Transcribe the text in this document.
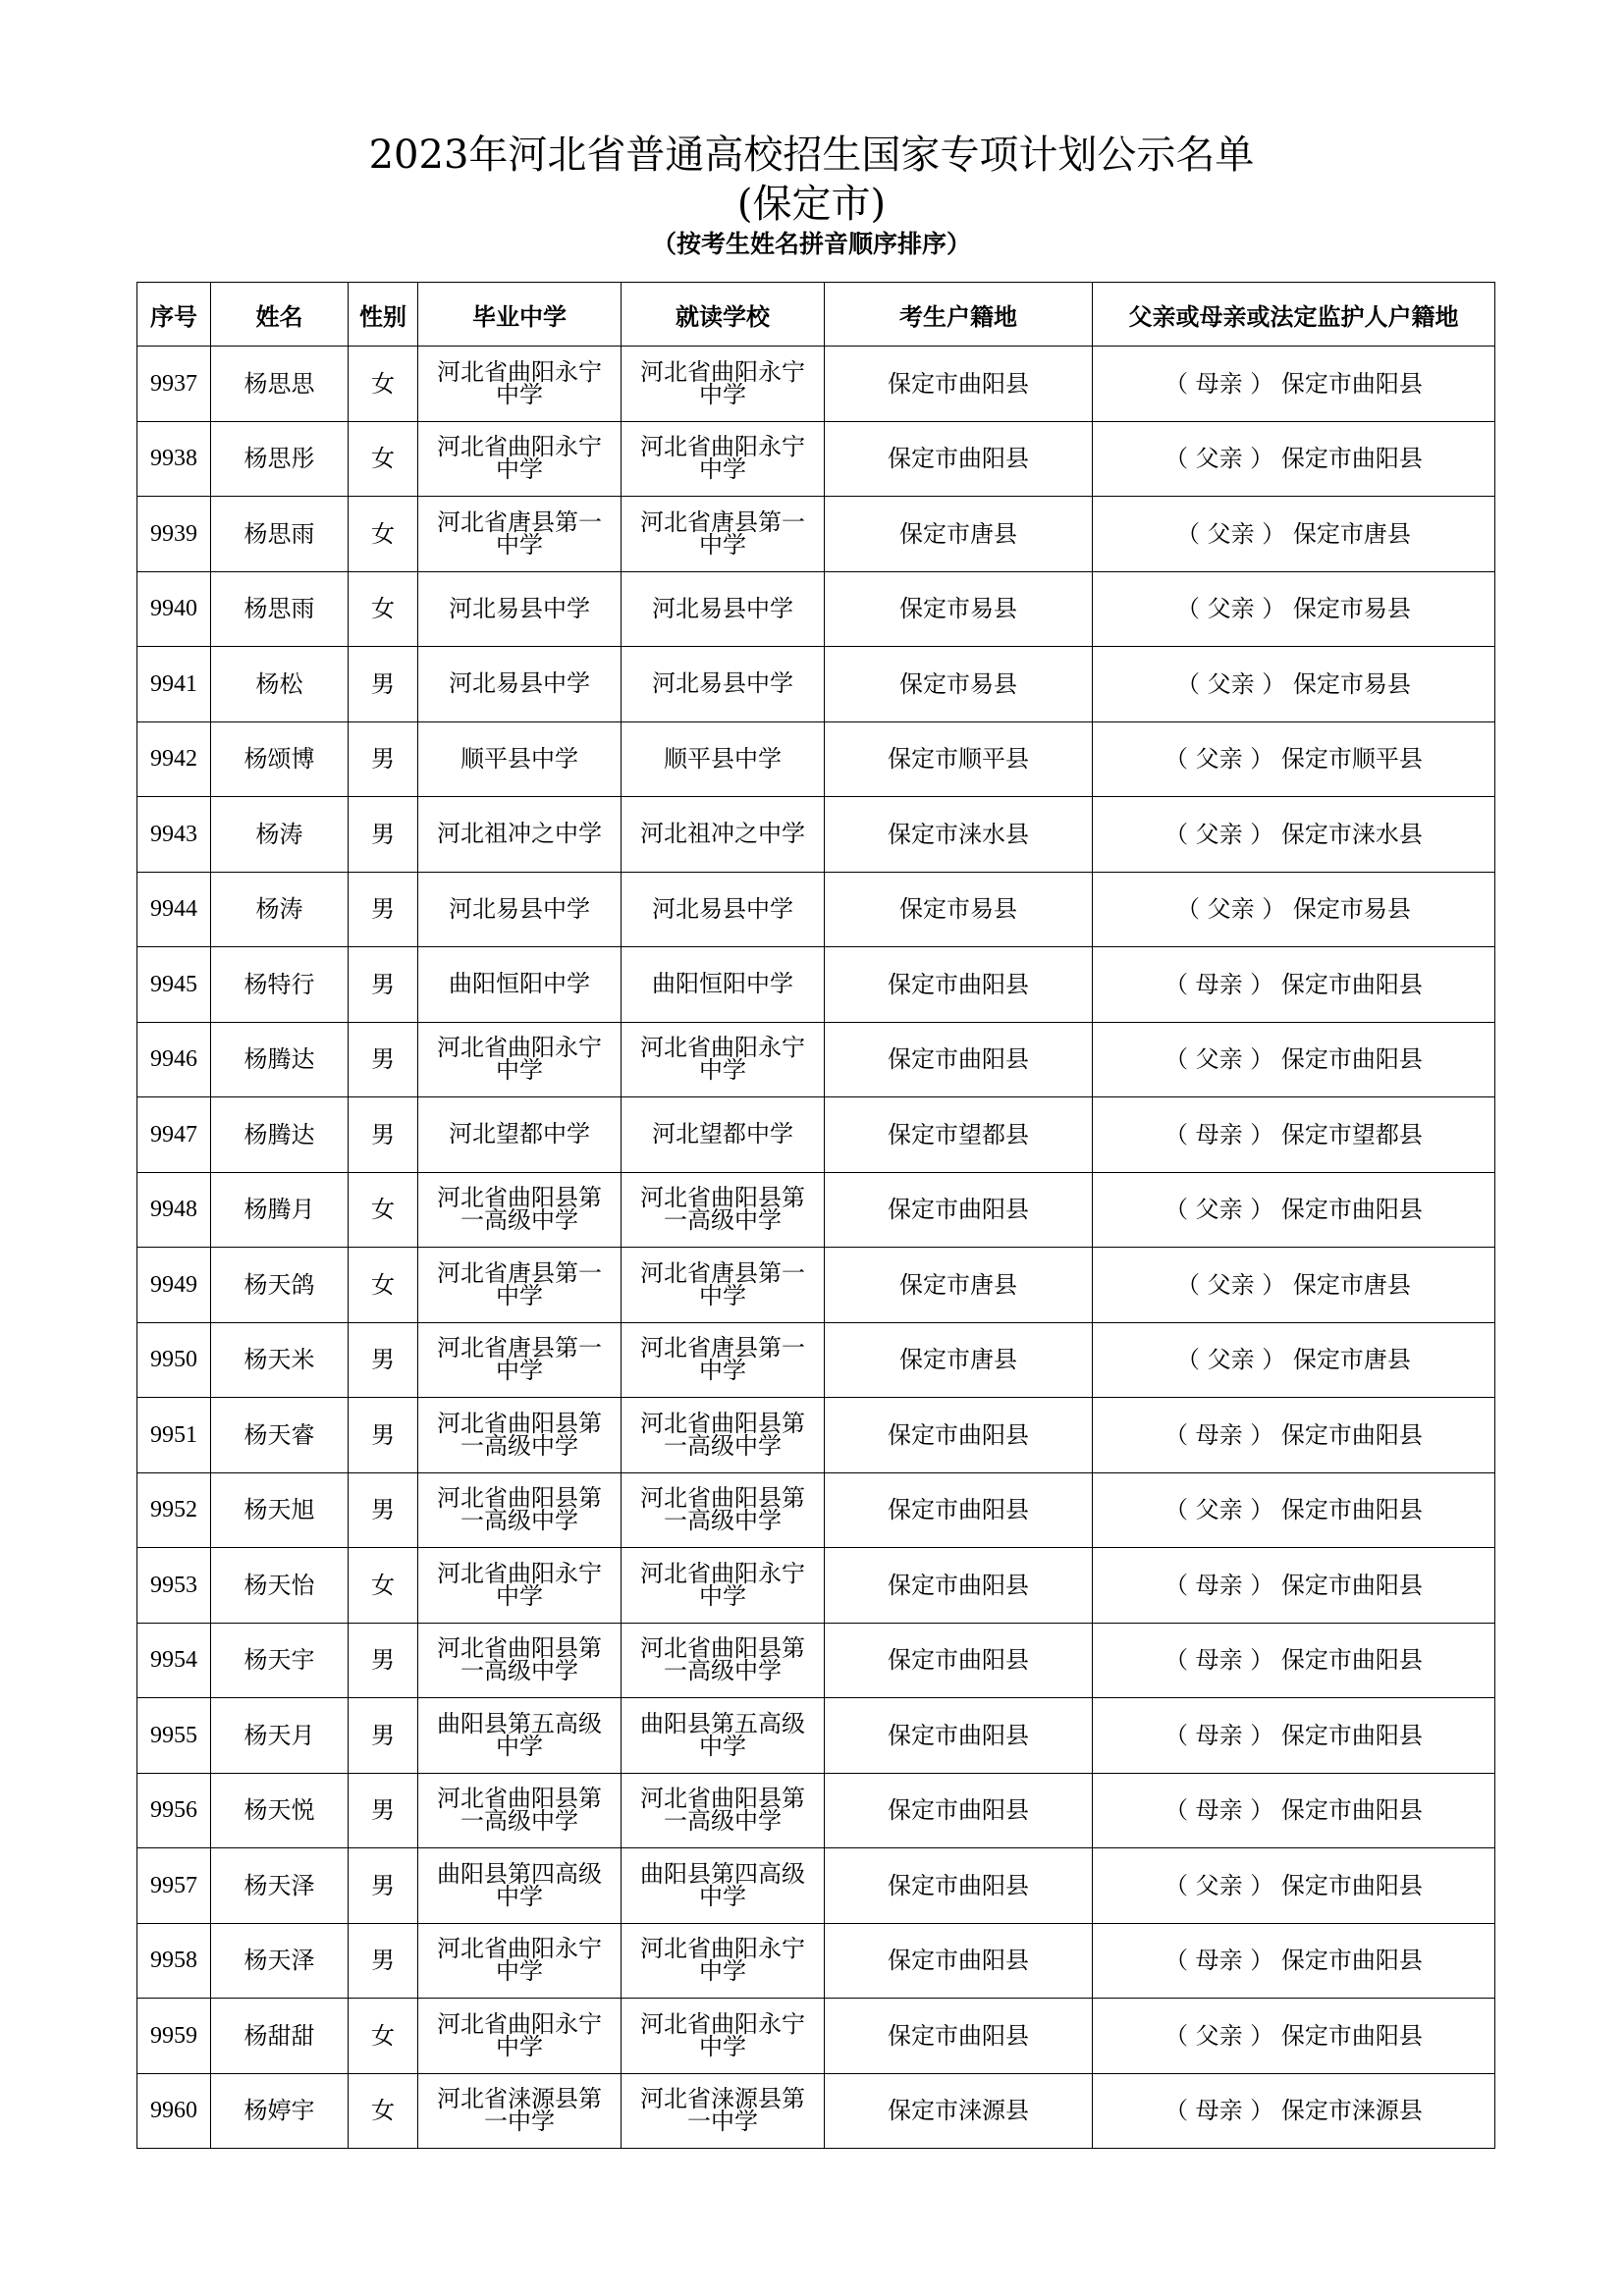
2023年河北省普通高校招生国家专项计划公示名单
(保定市)
（按考生姓名拼音顺序排序）
序号	姓名	性别	毕业中学	就读学校	考生户籍地	父亲或母亲或法定监护人户籍地
9937	杨思思	女	河北省曲阳永宁中学	河北省曲阳永宁中学	保定市曲阳县	（ 母亲 ） 保定市曲阳县
9938	杨思彤	女	河北省曲阳永宁中学	河北省曲阳永宁中学	保定市曲阳县	（ 父亲 ） 保定市曲阳县
9939	杨思雨	女	河北省唐县第一中学	河北省唐县第一中学	保定市唐县	（ 父亲 ） 保定市唐县
9940	杨思雨	女	河北易县中学	河北易县中学	保定市易县	（ 父亲 ） 保定市易县
9941	杨松	男	河北易县中学	河北易县中学	保定市易县	（ 父亲 ） 保定市易县
9942	杨颂博	男	顺平县中学	顺平县中学	保定市顺平县	（ 父亲 ） 保定市顺平县
9943	杨涛	男	河北祖冲之中学	河北祖冲之中学	保定市涞水县	（ 父亲 ） 保定市涞水县
9944	杨涛	男	河北易县中学	河北易县中学	保定市易县	（ 父亲 ） 保定市易县
9945	杨特行	男	曲阳恒阳中学	曲阳恒阳中学	保定市曲阳县	（ 母亲 ） 保定市曲阳县
9946	杨腾达	男	河北省曲阳永宁中学	河北省曲阳永宁中学	保定市曲阳县	（ 父亲 ） 保定市曲阳县
9947	杨腾达	男	河北望都中学	河北望都中学	保定市望都县	（ 母亲 ） 保定市望都县
9948	杨腾月	女	河北省曲阳县第一高级中学	河北省曲阳县第一高级中学	保定市曲阳县	（ 父亲 ） 保定市曲阳县
9949	杨天鸽	女	河北省唐县第一中学	河北省唐县第一中学	保定市唐县	（ 父亲 ） 保定市唐县
9950	杨天米	男	河北省唐县第一中学	河北省唐县第一中学	保定市唐县	（ 父亲 ） 保定市唐县
9951	杨天睿	男	河北省曲阳县第一高级中学	河北省曲阳县第一高级中学	保定市曲阳县	（ 母亲 ） 保定市曲阳县
9952	杨天旭	男	河北省曲阳县第一高级中学	河北省曲阳县第一高级中学	保定市曲阳县	（ 父亲 ） 保定市曲阳县
9953	杨天怡	女	河北省曲阳永宁中学	河北省曲阳永宁中学	保定市曲阳县	（ 母亲 ） 保定市曲阳县
9954	杨天宇	男	河北省曲阳县第一高级中学	河北省曲阳县第一高级中学	保定市曲阳县	（ 母亲 ） 保定市曲阳县
9955	杨天月	男	曲阳县第五高级中学	曲阳县第五高级中学	保定市曲阳县	（ 母亲 ） 保定市曲阳县
9956	杨天悦	男	河北省曲阳县第一高级中学	河北省曲阳县第一高级中学	保定市曲阳县	（ 母亲 ） 保定市曲阳县
9957	杨天泽	男	曲阳县第四高级中学	曲阳县第四高级中学	保定市曲阳县	（ 父亲 ） 保定市曲阳县
9958	杨天泽	男	河北省曲阳永宁中学	河北省曲阳永宁中学	保定市曲阳县	（ 母亲 ） 保定市曲阳县
9959	杨甜甜	女	河北省曲阳永宁中学	河北省曲阳永宁中学	保定市曲阳县	（ 父亲 ） 保定市曲阳县
9960	杨婷宇	女	河北省涞源县第一中学	河北省涞源县第一中学	保定市涞源县	（ 母亲 ） 保定市涞源县
